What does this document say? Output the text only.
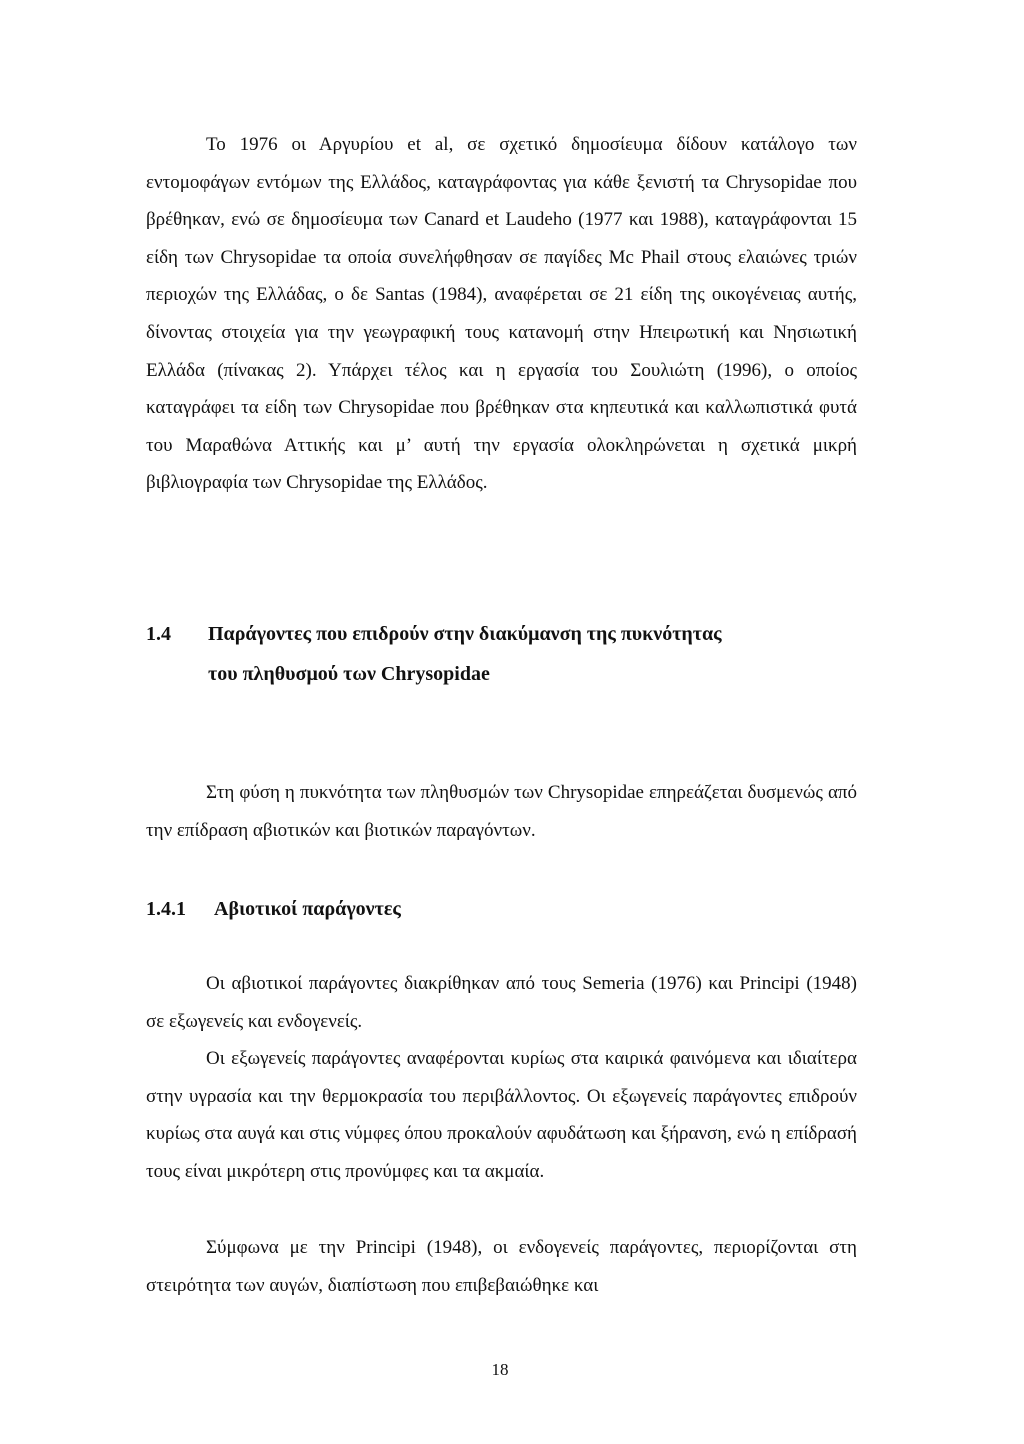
Το 1976 οι Αργυρίου et al, σε σχετικό δημοσίευμα δίδουν κατάλογο των εντομοφάγων εντόμων της Ελλάδος, καταγράφοντας για κάθε ξενιστή τα Chrysopidae που βρέθηκαν, ενώ σε δημοσίευμα των Canard et Laudeho (1977 και 1988), καταγράφονται 15 είδη των Chrysopidae τα οποία συνελήφθησαν σε παγίδες Mc Phail στους ελαιώνες τριών περιοχών της Ελλάδας, ο δε Santas (1984), αναφέρεται σε 21 είδη της οικογένειας αυτής, δίνοντας στοιχεία για την γεωγραφική τους κατανομή στην Ηπειρωτική και Νησιωτική Ελλάδα (πίνακας 2). Υπάρχει τέλος και η εργασία του Σουλιώτη (1996), ο οποίος καταγράφει τα είδη των Chrysopidae που βρέθηκαν στα κηπευτικά και καλλωπιστικά φυτά του Μαραθώνα Αττικής και μ’ αυτή την εργασία ολοκληρώνεται η σχετικά μικρή βιβλιογραφία των Chrysopidae της Ελλάδος.

1.4 Παράγοντες που επιδρούν στην διακύμανση της πυκνότητας
του πληθυσμού των Chrysopidae

Στη φύση η πυκνότητα των πληθυσμών των Chrysopidae επηρεάζεται δυσμενώς από την επίδραση αβιοτικών και βιοτικών παραγόντων.

1.4.1 Αβιοτικοί παράγοντες

Οι αβιοτικοί παράγοντες διακρίθηκαν από τους Semeria (1976) και Principi (1948) σε εξωγενείς και ενδογενείς.

Οι εξωγενείς παράγοντες αναφέρονται κυρίως στα καιρικά φαινόμενα και ιδιαίτερα στην υγρασία και την θερμοκρασία του περιβάλλοντος. Οι εξωγενείς παράγοντες επιδρούν κυρίως στα αυγά και στις νύμφες όπου προκαλούν αφυδάτωση και ξήρανση, ενώ η επίδρασή τους είναι μικρότερη στις προνύμφες και τα ακμαία.

Σύμφωνα με την Principi (1948), οι ενδογενείς παράγοντες, περιορίζονται στη στειρότητα των αυγών, διαπίστωση που επιβεβαιώθηκε και

18
